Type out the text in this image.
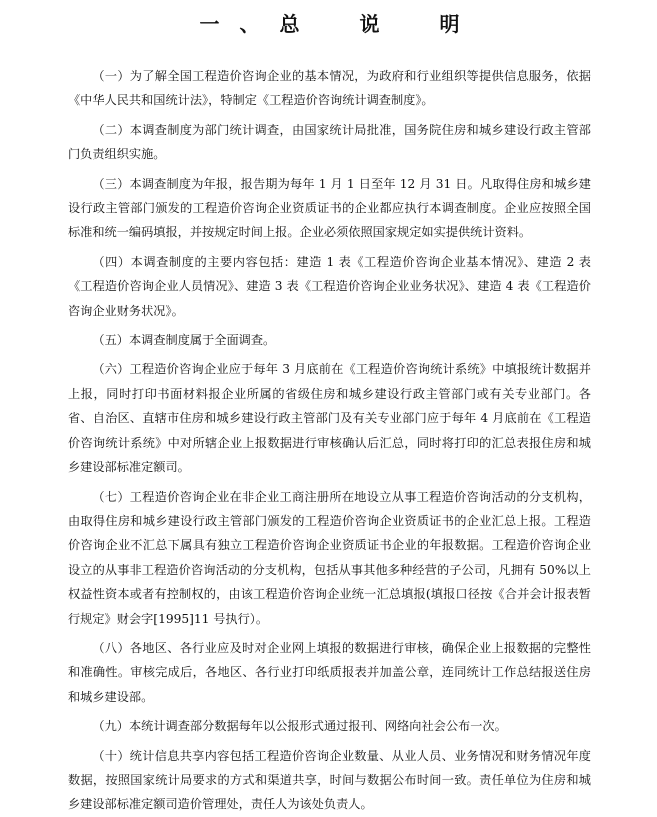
一、总　说　明

（一）为了解全国工程造价咨询企业的基本情况，为政府和行业组织等提供信息服务，依据《中华人民共和国统计法》，特制定《工程造价咨询统计调查制度》。

（二）本调查制度为部门统计调查，由国家统计局批准，国务院住房和城乡建设行政主管部门负责组织实施。

（三）本调查制度为年报，报告期为每年 1 月 1 日至年 12 月 31 日。凡取得住房和城乡建设行政主管部门颁发的工程造价咨询企业资质证书的企业都应执行本调查制度。企业应按照全国标准和统一编码填报，并按规定时间上报。企业必须依照国家规定如实提供统计资料。

（四）本调查制度的主要内容包括：建造 1 表《工程造价咨询企业基本情况》、建造 2 表《工程造价咨询企业人员情况》、建造 3 表《工程造价咨询企业业务状况》、建造 4 表《工程造价咨询企业财务状况》。

（五）本调查制度属于全面调查。

（六）工程造价咨询企业应于每年 3 月底前在《工程造价咨询统计系统》中填报统计数据并上报，同时打印书面材料报企业所属的省级住房和城乡建设行政主管部门或有关专业部门。各省、自治区、直辖市住房和城乡建设行政主管部门及有关专业部门应于每年 4 月底前在《工程造价咨询统计系统》中对所辖企业上报数据进行审核确认后汇总，同时将打印的汇总表报住房和城乡建设部标准定额司。

（七）工程造价咨询企业在非企业工商注册所在地设立从事工程造价咨询活动的分支机构，由取得住房和城乡建设行政主管部门颁发的工程造价咨询企业资质证书的企业汇总上报。工程造价咨询企业不汇总下属具有独立工程造价咨询企业资质证书企业的年报数据。工程造价咨询企业设立的从事非工程造价咨询活动的分支机构，包括从事其他多种经营的子公司，凡拥有 50%以上权益性资本或者有控制权的，由该工程造价咨询企业统一汇总填报(填报口径按《合并会计报表暂行规定》财会字[1995]11 号执行）。

（八）各地区、各行业应及时对企业网上填报的数据进行审核，确保企业上报数据的完整性和准确性。审核完成后，各地区、各行业打印纸质报表并加盖公章，连同统计工作总结报送住房和城乡建设部。

（九）本统计调查部分数据每年以公报形式通过报刊、网络向社会公布一次。

（十）统计信息共享内容包括工程造价咨询企业数量、从业人员、业务情况和财务情况年度数据，按照国家统计局要求的方式和渠道共享，时间与数据公布时间一致。责任单位为住房和城乡建设部标准定额司造价管理处，责任人为该处负责人。
